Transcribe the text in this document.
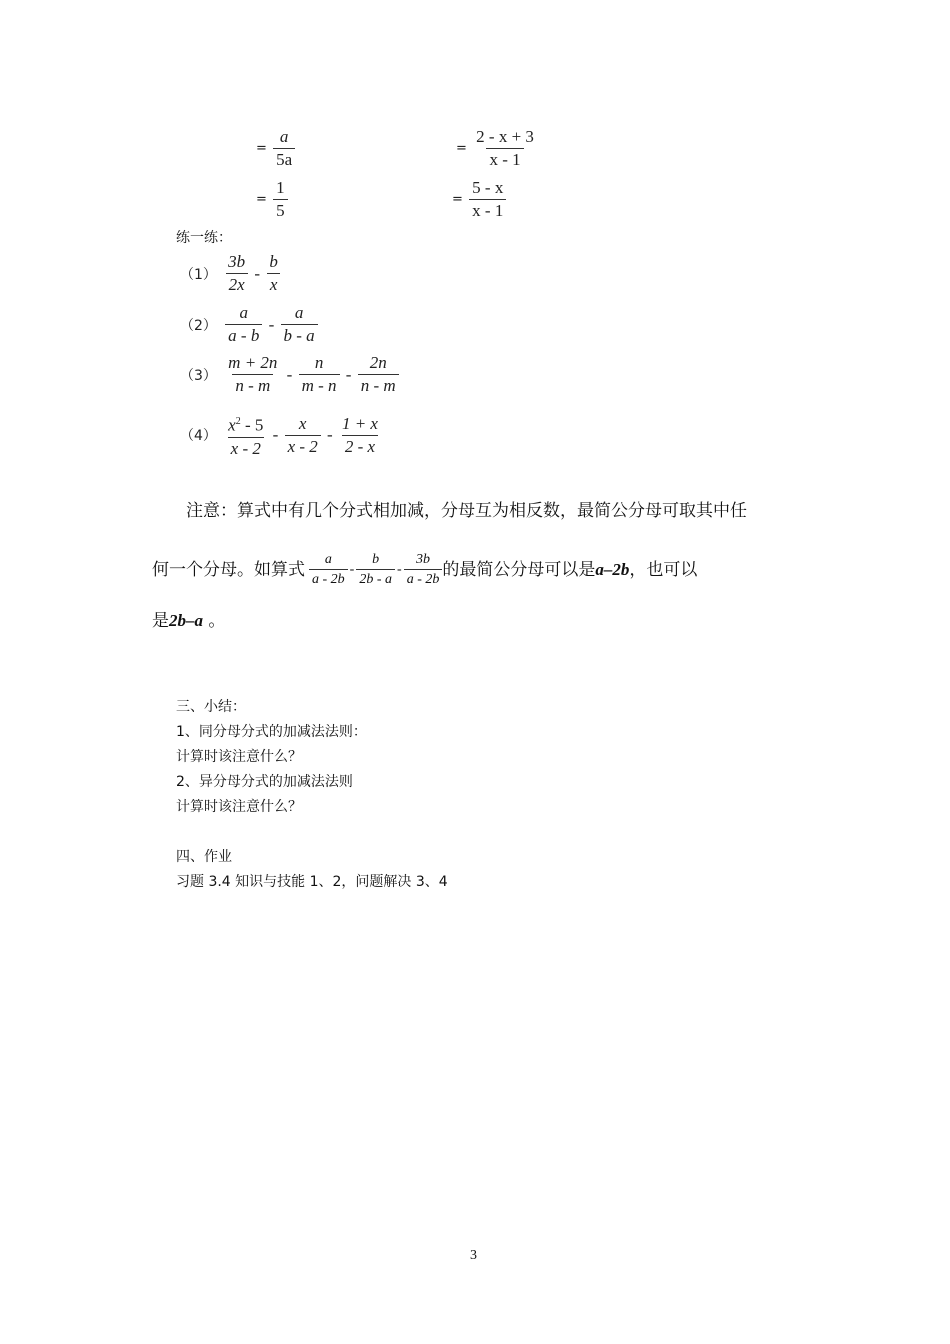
= $\frac{a}{5a}$
= $\frac{1}{5}$
= $\frac{2 - x + 3}{x - 1}$
= $\frac{5 - x}{x - 1}$
练一练：
$(1) \frac{3b}{2x} - \frac{b}{x}$
$(2) \frac{a}{a - b} - \frac{a}{b - a}$
$(3) \frac{m + 2n}{n - m} - \frac{n}{m - n} - \frac{2n}{n - m}$
$(4) \frac{x^2 - 5}{x - 2} - \frac{x}{x - 2} - \frac{1 + x}{2 - x}$
注意：算式中有几个分式相加减，分母互为相反数，最简公分母可取其中任
何一个分母。如算式 $\frac{a}{a - 2b} - \frac{b}{2b - a} - \frac{3b}{a - 2b}$ 的最简公分母可以是 a–2b ，也可以
是2b–a 。
三、小结：
1、同分母分式的加减法法则：
计算时该注意什么？
2、异分母分式的加减法法则
计算时该注意什么？
四、作业
习题 3.4 知识与技能 1、2，问题解决 3、4
3
